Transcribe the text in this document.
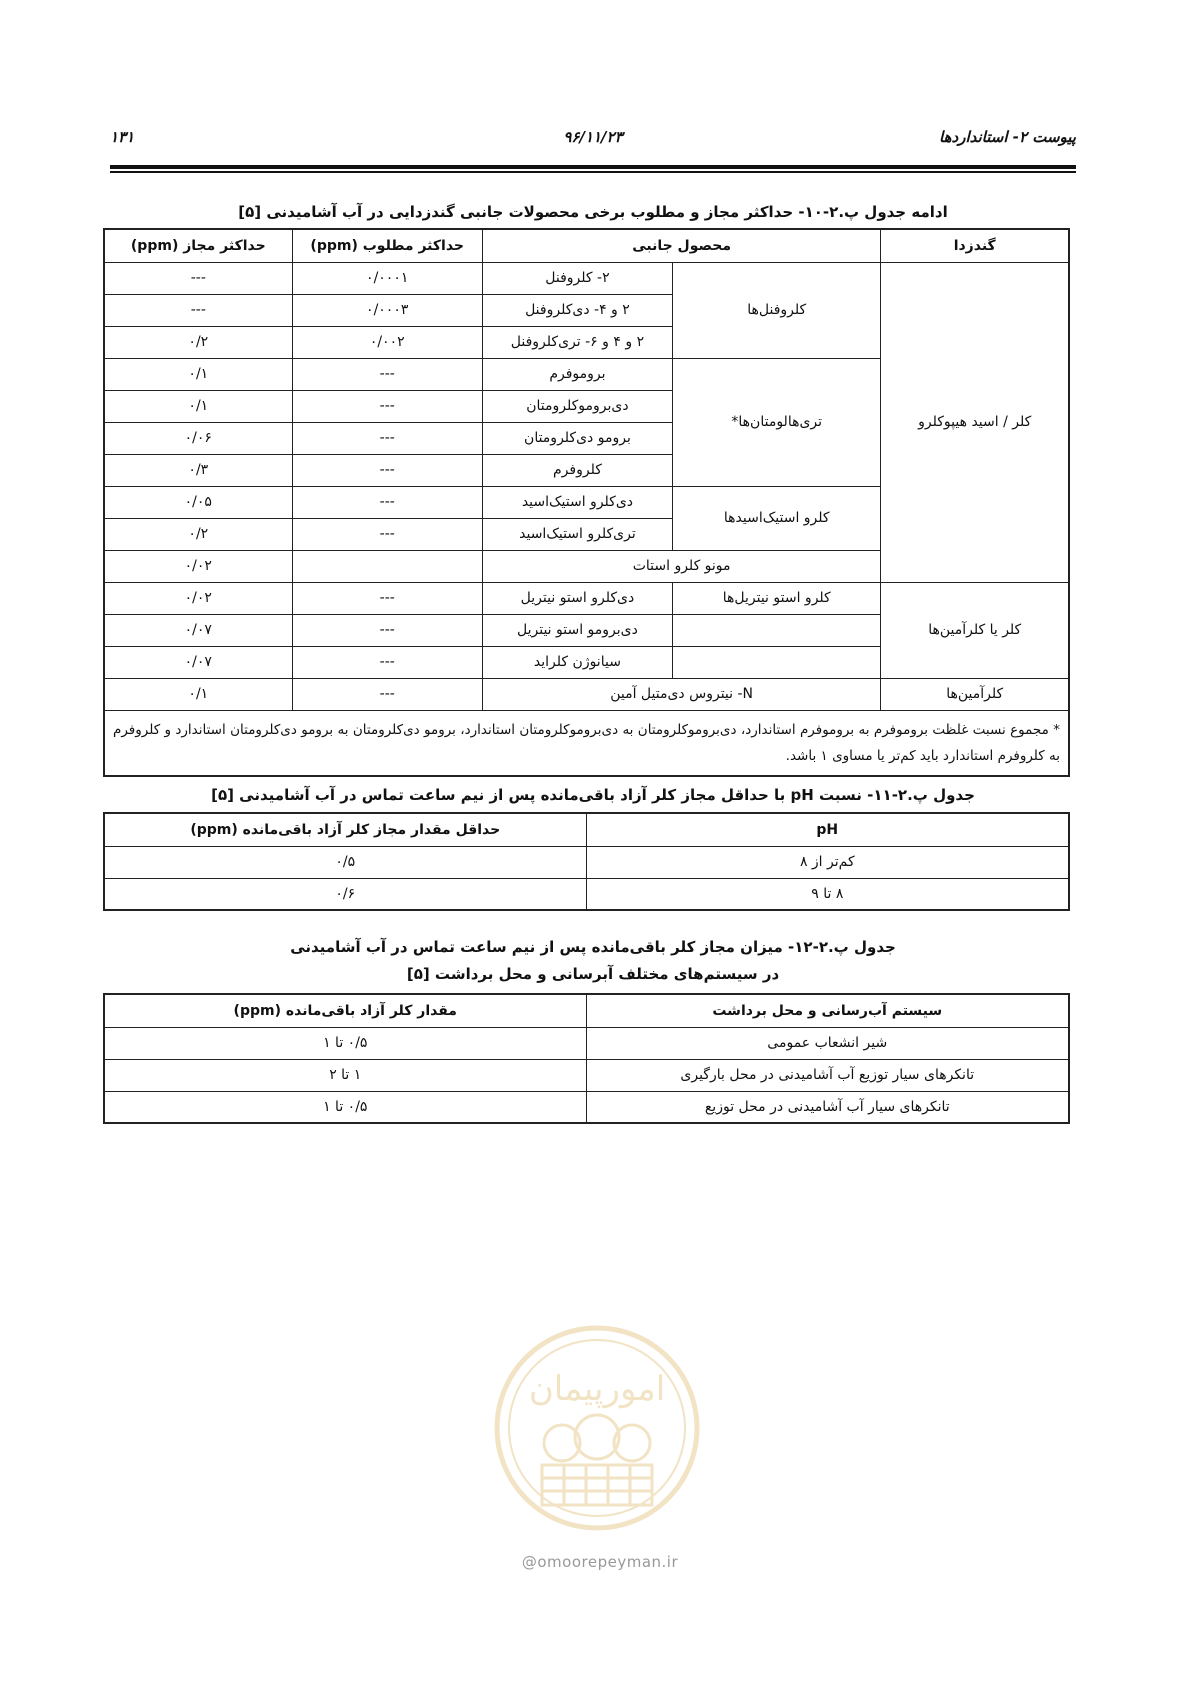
پیوست ۲- استانداردها
۹۶/۱۱/۲۳
۱۳۱
ادامه جدول پ.۲-۱۰- حداکثر مجاز و مطلوب برخی محصولات جانبی گندزدایی در آب آشامیدنی [۵]
گندزدا	محصول جانبی		حداکثر مطلوب (ppm)	حداکثر مجاز (ppm)
کلر / اسید هیپوکلرو	کلروفنل‌ها	۲- کلروفنل	۰/۰۰۰۱	---
		۲ و ۴- دی‌کلروفنل	۰/۰۰۰۳	---
		۲ و ۴ و ۶- تری‌کلروفنل	۰/۰۰۲	۰/۲
	تری‌هالومتان‌ها*	بروموفرم	---	۰/۱
		دی‌بروموکلرومتان	---	۰/۱
		برومو دی‌کلرومتان	---	۰/۰۶
		کلروفرم	---	۰/۳
	کلرو استیک‌اسیدها	دی‌کلرو استیک‌اسید	---	۰/۰۵
		تری‌کلرو استیک‌اسید	---	۰/۲
	مونو کلرو استات			۰/۰۲
کلر یا کلرآمین‌ها	کلرو استو نیتریل‌ها	دی‌کلرو استو نیتریل	---	۰/۰۲
		دی‌برومو استو نیتریل	---	۰/۰۷
		سیانوژن کلراید	---	۰/۰۷
کلرآمین‌ها	N- نیتروس دی‌متیل آمین		---	۰/۱
* مجموع نسبت غلظت بروموفرم به بروموفرم استاندارد، دی‌بروموکلرومتان به دی‌بروموکلرومتان استاندارد، برومو دی‌کلرومتان به برومو دی‌کلرومتان استاندارد و کلروفرم به کلروفرم استاندارد باید کم‌تر یا مساوی ۱ باشد.				
جدول پ.۲-۱۱- نسبت pH با حداقل مجاز کلر آزاد باقی‌مانده پس از نیم ساعت تماس در آب آشامیدنی [۵]
pH	حداقل مقدار مجاز کلر آزاد باقی‌مانده (ppm)
کم‌تر از ۸	۰/۵
۸ تا ۹	۰/۶
جدول پ.۲-۱۲- میزان مجاز کلر باقی‌مانده پس از نیم ساعت تماس در آب آشامیدنی
در سیستم‌های مختلف آبرسانی و محل برداشت [۵]
سیستم آب‌رسانی و محل برداشت	مقدار کلر آزاد باقی‌مانده (ppm)
شیر انشعاب عمومی	۰/۵ تا ۱
تانکرهای سیار توزیع آب آشامیدنی در محل بارگیری	۱ تا ۲
تانکرهای سیار آب آشامیدنی در محل توزیع	۰/۵ تا ۱
امورپیمان
@omoorepeyman.ir
